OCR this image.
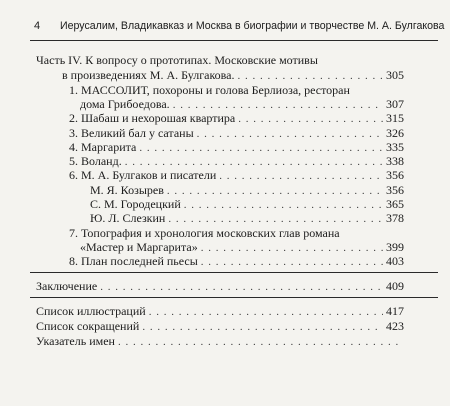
4 Иерусалим, Владикавказ и Москва в биографии и творчестве М. А. Булгакова
Часть IV. К вопросу о прототипах. Московские мотивы
в произведениях М. А. Булгакова. . . .	305
1. МАССОЛИТ, похороны и голова Берлиоза, ресторан
дома Грибоедова. . . .	307
2. Шабаш и нехорошая квартира . . .	315
3. Великий бал у сатаны . . .	326
4. Маргарита . . .	335
5. Воланд. . . .	338
6. М. А. Булгаков и писатели . . .	356
М. Я. Козырев . . .	356
С. М. Городецкий . . .	365
Ю. Л. Слезкин . . .	378
7. Топография и хронология московских глав романа
«Мастер и Маргарита» . . .	399
8. План последней пьесы . . .	403
Заключение . . .	409
Список иллюстраций . . .	417
Список сокращений . . .	423
Указатель имен
. . .
